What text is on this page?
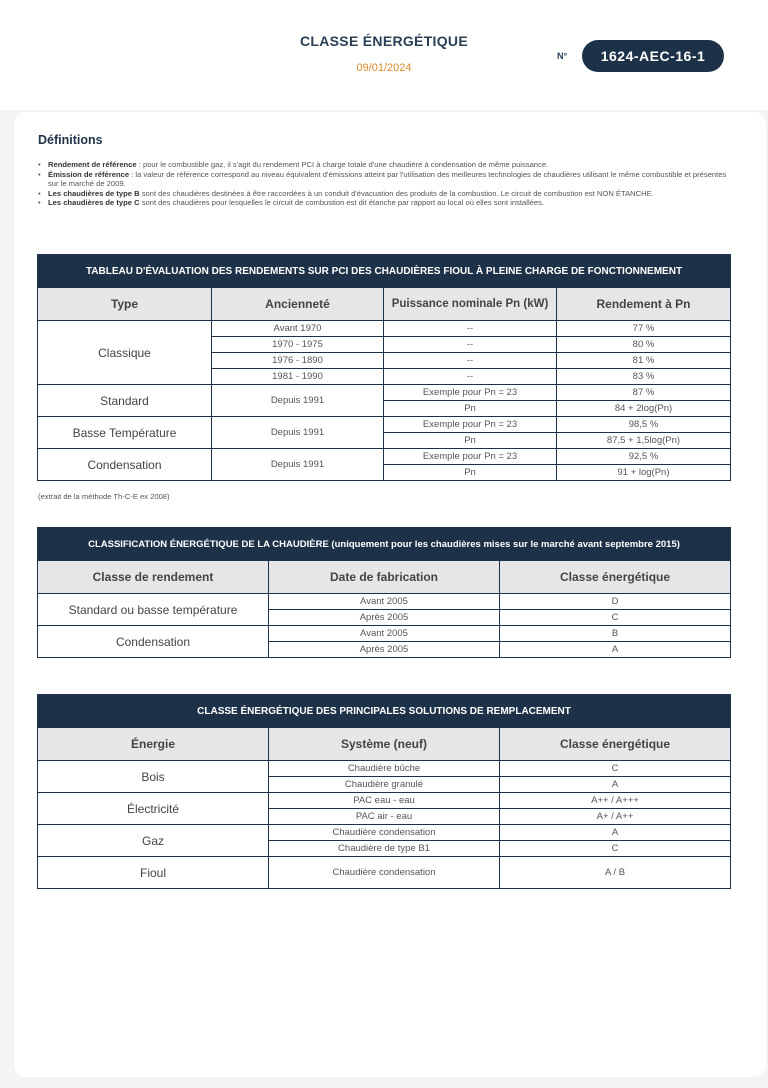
CLASSE ÉNERGÉTIQUE
09/01/2024
N°	1624-AEC-16-1
Définitions
• Rendement de référence : pour le combustible gaz, il s'agit du rendement PCI à charge totale d'une chaudière à condensation de même puissance.
• Émission de référence : la valeur de référence correspond au niveau équivalent d'émissions atteint par l'utilisation des meilleures technologies de chaudières utilisant le même combustible et présentes sur le marché de 2009.
• Les chaudières de type B sont des chaudières destinées à être raccordées à un conduit d'évacuation des produits de la combustion. Le circuit de combustion est NON ÉTANCHE.
• Les chaudières de type C sont des chaudières pour lesquelles le circuit de combustion est dit étanche par rapport au local où elles sont installées.
TABLEAU D'ÉVALUATION DES RENDEMENTS SUR PCI DES CHAUDIÈRES FIOUL À PLEINE CHARGE DE FONCTIONNEMENT			
Type	Ancienneté	Puissance nominale Pn (kW)	Rendement à Pn
Classique	Avant 1970	--	77 %
	1970 - 1975	--	80 %
	1976 - 1890	--	81 %
	1981 - 1990	--	83 %
Standard	Depuis 1991	Exemple pour Pn = 23	87 %
		Pn	84 + 2log(Pn)
Basse Température	Depuis 1991	Exemple pour Pn = 23	98,5 %
		Pn	87,5 + 1,5log(Pn)
Condensation	Depuis 1991	Exemple pour Pn = 23	92,5 %
		Pn	91 + log(Pn)
(extrait de la méthode Th-C-E ex 2008)
CLASSIFICATION ÉNERGÉTIQUE DE LA CHAUDIÈRE (uniquement pour les chaudières mises sur le marché avant septembre 2015)		
Classe de rendement	Date de fabrication	Classe énergétique
Standard ou basse température	Avant 2005	D
	Après 2005	C
Condensation	Avant 2005	B
	Après 2005	A
CLASSE ÉNERGÉTIQUE DES PRINCIPALES SOLUTIONS DE REMPLACEMENT		
Énergie	Système (neuf)	Classe énergétique
Bois	Chaudière bûche	C
	Chaudière granulé	A
Électricité	PAC eau - eau	A++ / A+++
	PAC air - eau	A+ / A++
Gaz	Chaudière condensation	A
	Chaudière de type B1	C
Fioul	Chaudière condensation	A / B
